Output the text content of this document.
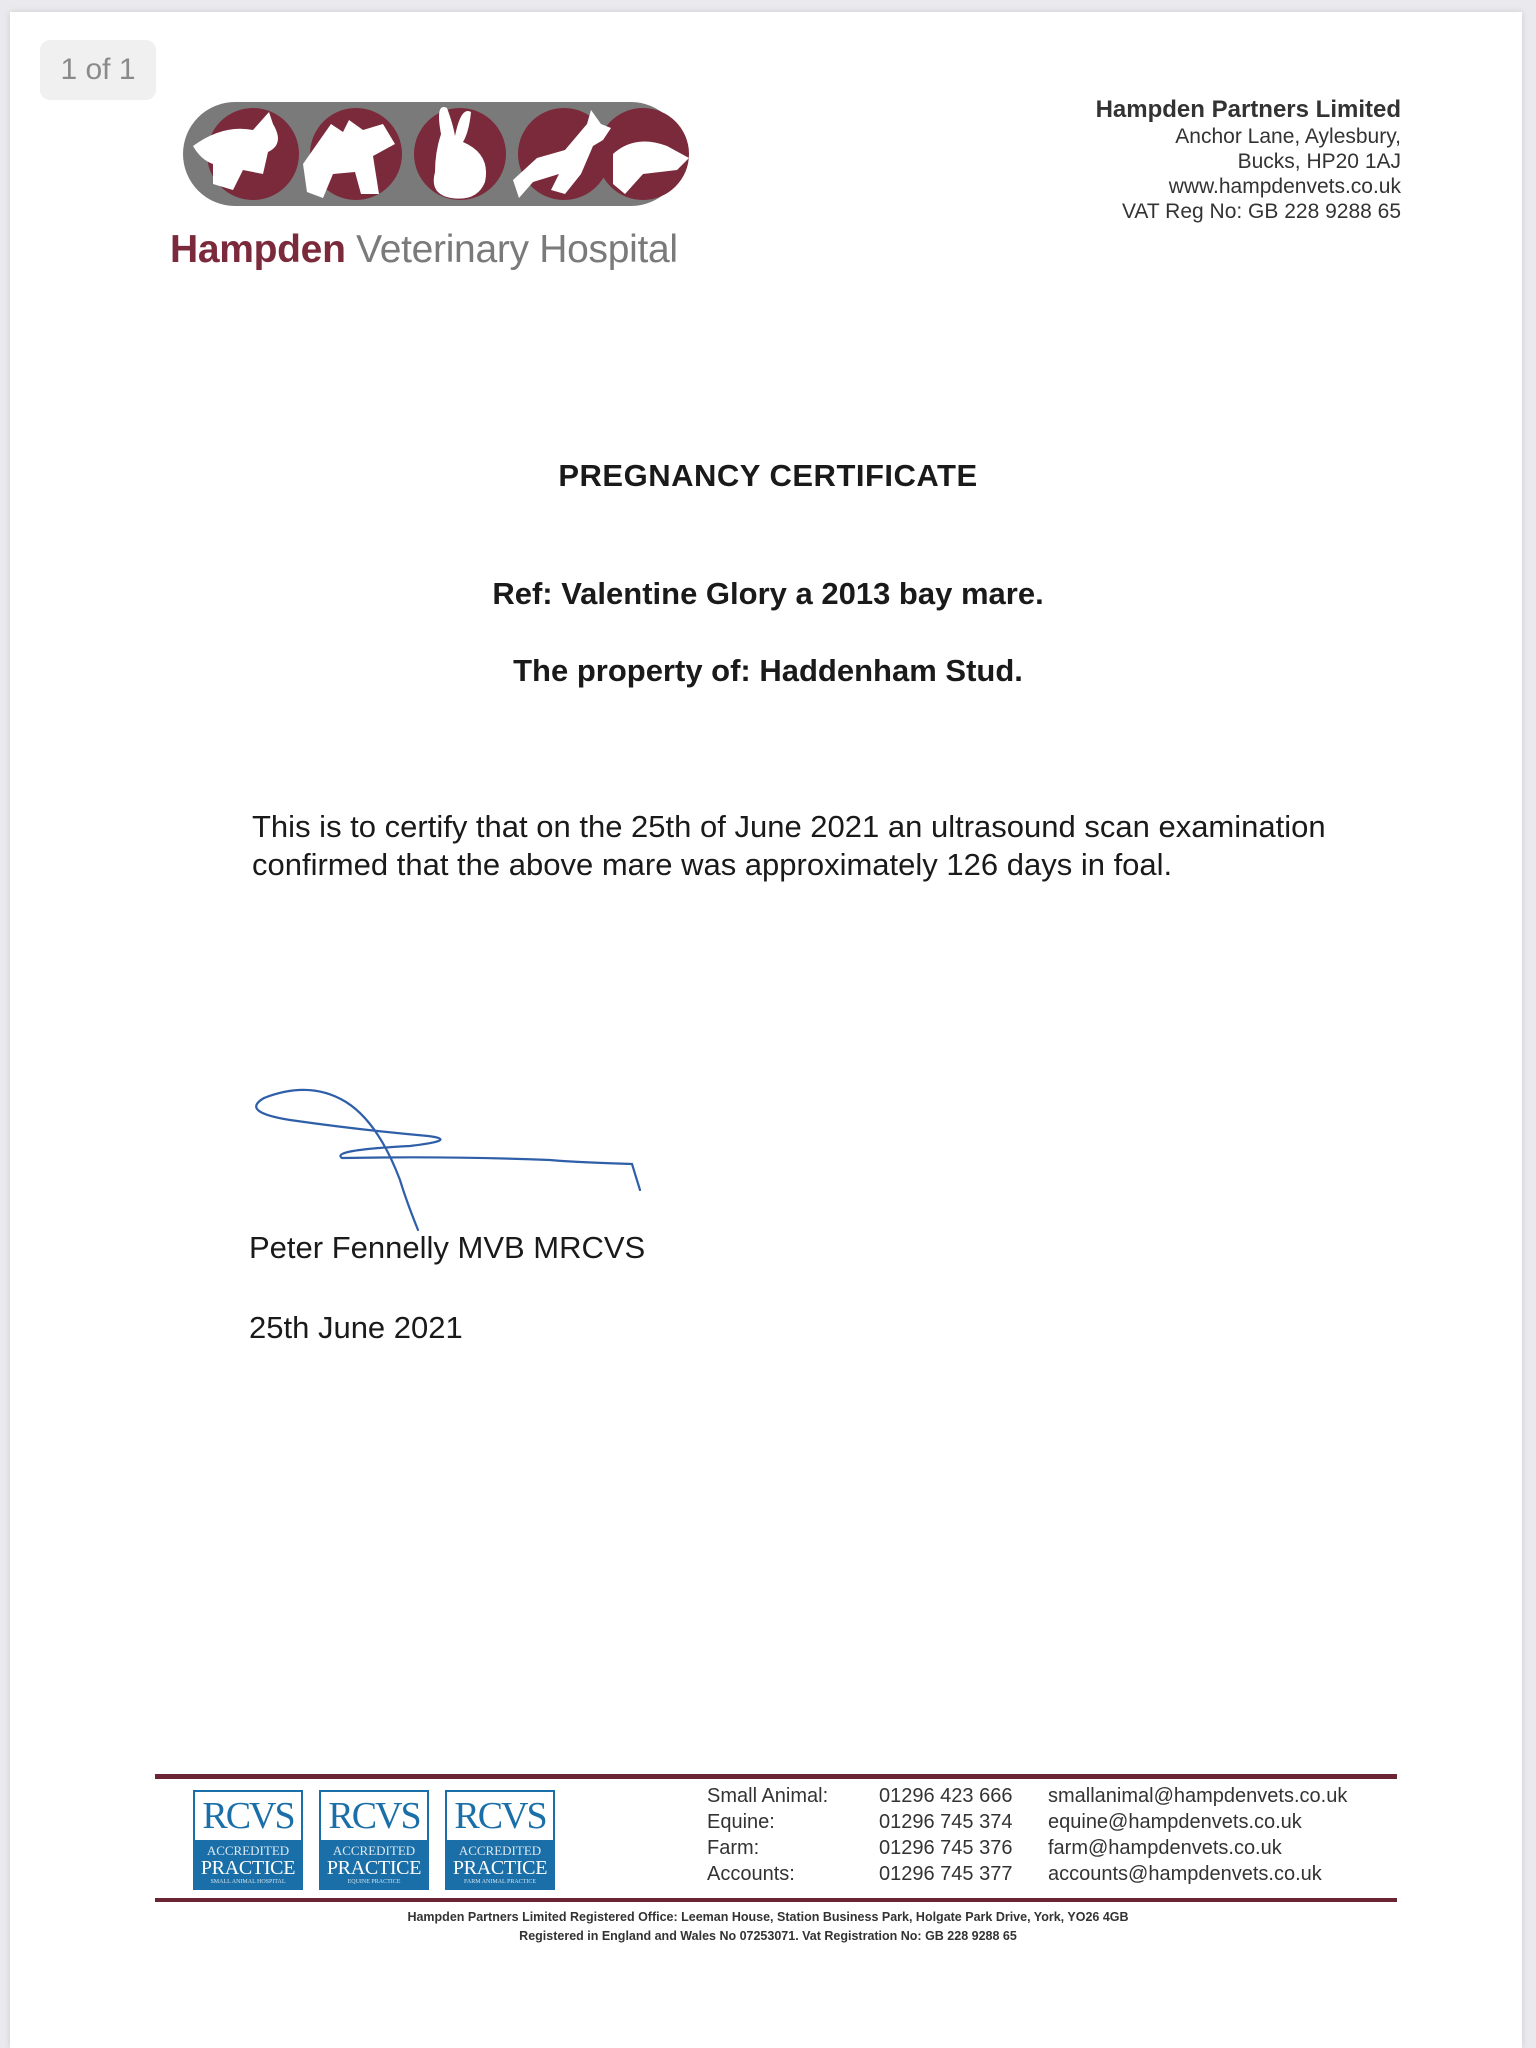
1 of 1
Hampden Veterinary Hospital
Hampden Partners Limited
Anchor Lane, Aylesbury,
Bucks, HP20 1AJ
www.hampdenvets.co.uk
VAT Reg No: GB 228 9288 65
PREGNANCY CERTIFICATE
Ref: Valentine Glory a 2013 bay mare.
The property of: Haddenham Stud.
This is to certify that on the 25th of June 2021 an ultrasound scan examination confirmed that the above mare was approximately 126 days in foal.
Peter Fennelly MVB MRCVS
25th June 2021
RCVS
ACCREDITED
PRACTICE
SMALL ANIMAL HOSPITAL
RCVS
ACCREDITED
PRACTICE
EQUINE PRACTICE
RCVS
ACCREDITED
PRACTICE
FARM ANIMAL PRACTICE
Small Animal:	01296 423 666 smallanimal@hampdenvets.co.uk
Equine:	01296 745 374 equine@hampdenvets.co.uk
Farm:	01296 745 376 farm@hampdenvets.co.uk
Accounts:	01296 745 377 accounts@hampdenvets.co.uk
Hampden Partners Limited Registered Office: Leeman House, Station Business Park, Holgate Park Drive, York, YO26 4GB
Registered in England and Wales No 07253071. Vat Registration No: GB 228 9288 65
